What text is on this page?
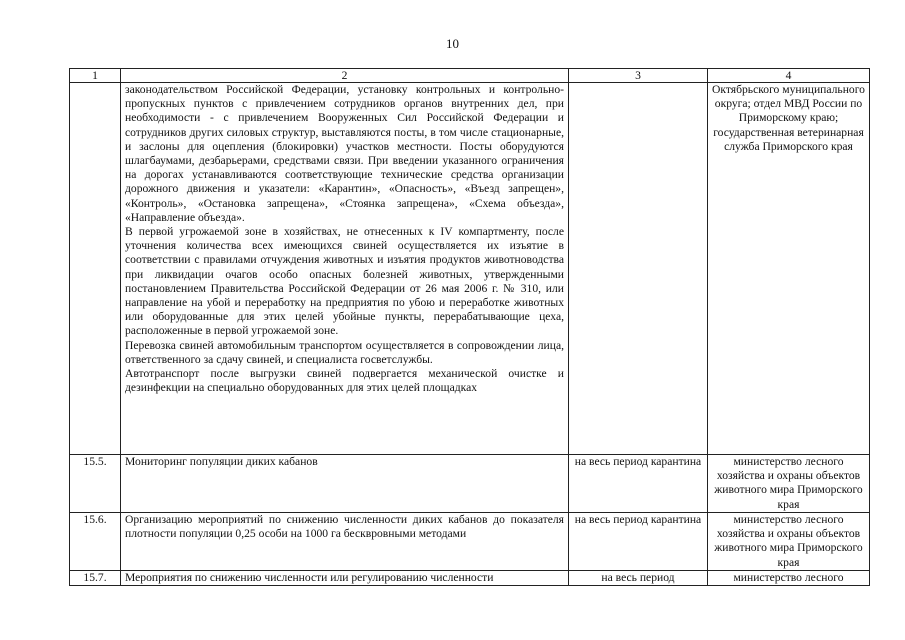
10
1	2	3	4

	законодательством Российской Федерации, установку контрольных и контрольно-пропускных пунктов с привлечением сотрудников органов внутренних дел, при необходимости - с привлечением Вооруженных Сил Российской Федерации и сотрудников других силовых структур, выставляются посты, в том числе стационарные, и заслоны для оцепления (блокировки) участков местности. Посты оборудуются шлагбаумами, дезбарьерами, средствами связи. При введении указанного ограничения на дорогах устанавливаются соответствующие технические средства организации дорожного движения и указатели: «Карантин», «Опасность», «Въезд запрещен», «Контроль», «Остановка запрещена», «Стоянка запрещена», «Схема объезда», «Направление объезда».

В первой угрожаемой зоне в хозяйствах, не отнесенных к IV компартменту, после уточнения количества всех имеющихся свиней осуществляется их изъятие в соответствии с правилами отчуждения животных и изъятия продуктов животноводства при ликвидации очагов особо опасных болезней животных, утвержденными постановлением Правительства Российской Федерации от 26 мая 2006 г. № 310, или направление на убой и переработку на предприятия по убою и переработке животных или оборудованные для этих целей убойные пункты, перерабатывающие цеха, расположенные в первой угрожаемой зоне.

Перевозка свиней автомобильным транспортом осуществляется в сопровождении лица, ответственного за сдачу свиней, и специалиста госветслужбы.

Автотранспорт после выгрузки свиней подвергается механической очистке и дезинфекции на специально оборудованных для этих целей площадках		Октябрьского муниципального округа; отдел МВД России по Приморскому краю; государственная ветеринарная служба Приморского края
15.5.	Мониторинг популяции диких кабанов	на весь период карантина	министерство лесного хозяйства и охраны объектов животного мира Приморского края
15.6.	Организацию мероприятий по снижению численности диких кабанов до показателя плотности популяции 0,25 особи на 1000 га бесквровными методами	на весь период карантина	министерство лесного хозяйства и охраны объектов животного мира Приморского края
15.7.	Мероприятия по снижению численности или регулированию численности	на весь период	министерство лесного
